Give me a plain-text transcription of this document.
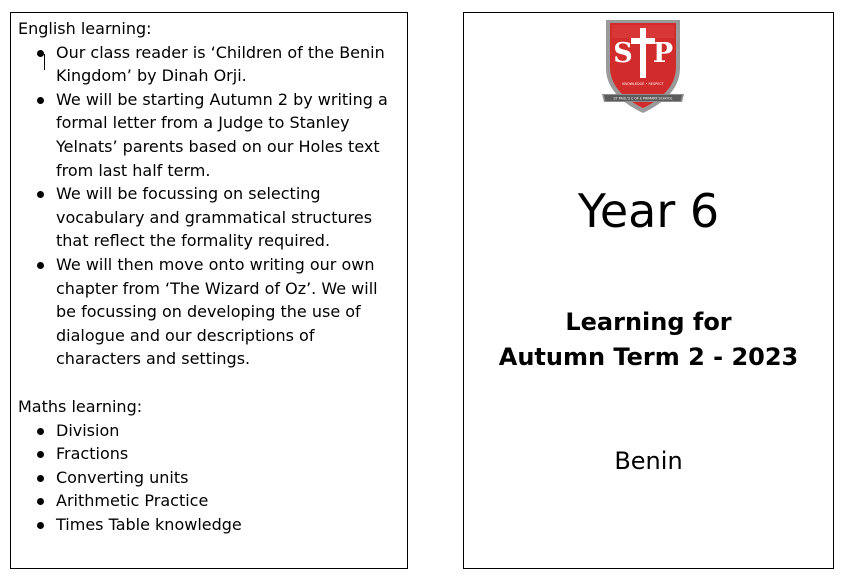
English learning:
Our class reader is ‘Children of the Benin Kingdom’ by Dinah Orji.
We will be starting Autumn 2 by writing a formal letter from a Judge to Stanley Yelnats’ parents based on our Holes text from last half term.
We will be focussing on selecting vocabulary and grammatical structures that reflect the formality required.
We will then move onto writing our own chapter from ‘The Wizard of Oz’. We will be focussing on developing the use of dialogue and our descriptions of characters and settings.
Maths learning:
Division
Fractions
Converting units
Arithmetic Practice
Times Table knowledge
S P
KNOWLEDGE • RESPECT
ST PAUL'S C OF E PRIMARY SCHOOL
Year 6
Learning for
Autumn Term 2 - 2023
Benin
